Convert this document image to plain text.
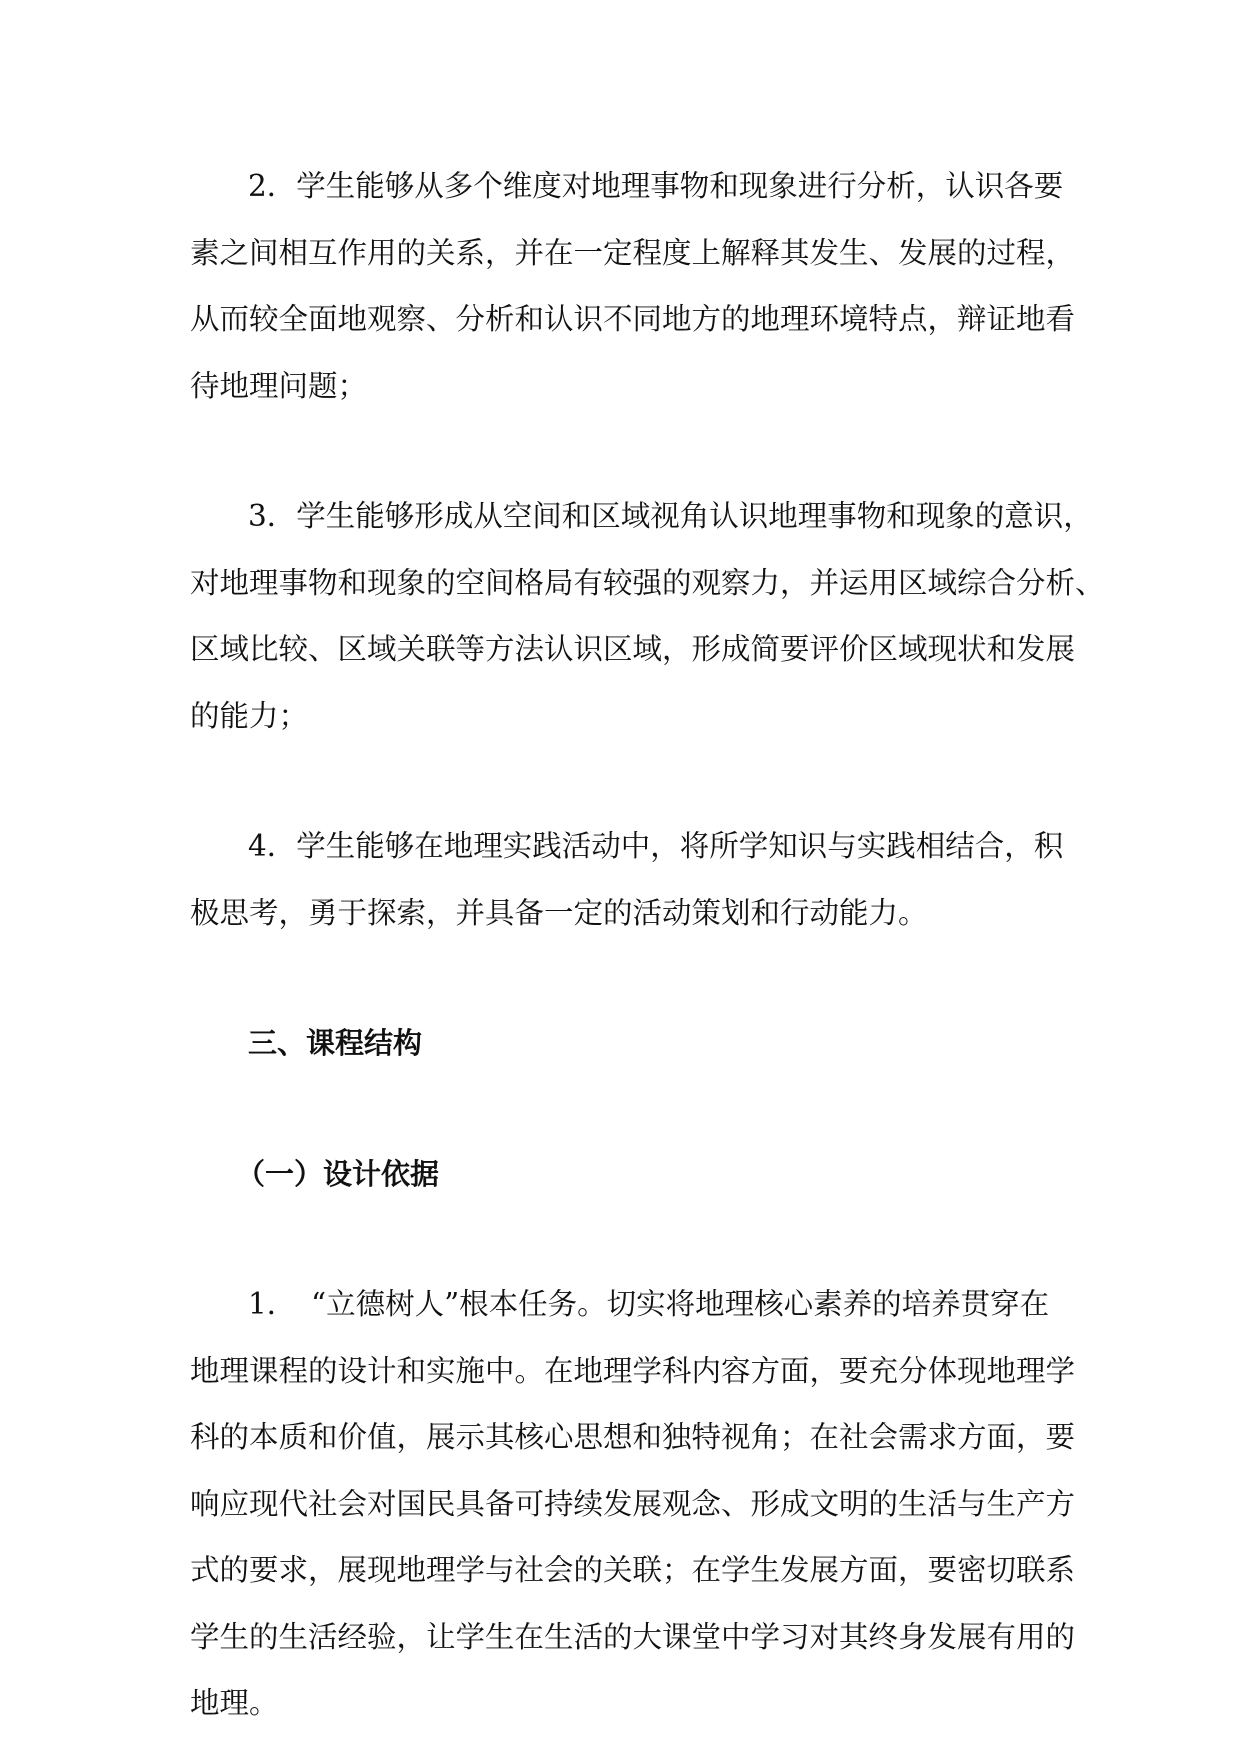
2．学生能够从多个维度对地理事物和现象进行分析，认识各要
素之间相互作用的关系，并在一定程度上解释其发生、发展的过程，
从而较全面地观察、分析和认识不同地方的地理环境特点，辩证地看
待地理问题；

3．学生能够形成从空间和区域视角认识地理事物和现象的意识，
对地理事物和现象的空间格局有较强的观察力，并运用区域综合分析、
区域比较、区域关联等方法认识区域，形成简要评价区域现状和发展
的能力；

4．学生能够在地理实践活动中，将所学知识与实践相结合，积
极思考，勇于探索，并具备一定的活动策划和行动能力。

三、课程结构
（一）设计依据

1．　“立德树人”根本任务。切实将地理核心素养的培养贯穿在
地理课程的设计和实施中。在地理学科内容方面，要充分体现地理学
科的本质和价值，展示其核心思想和独特视角；在社会需求方面，要
响应现代社会对国民具备可持续发展观念、形成文明的生活与生产方
式的要求，展现地理学与社会的关联；在学生发展方面，要密切联系
学生的生活经验，让学生在生活的大课堂中学习对其终身发展有用的
地理。
